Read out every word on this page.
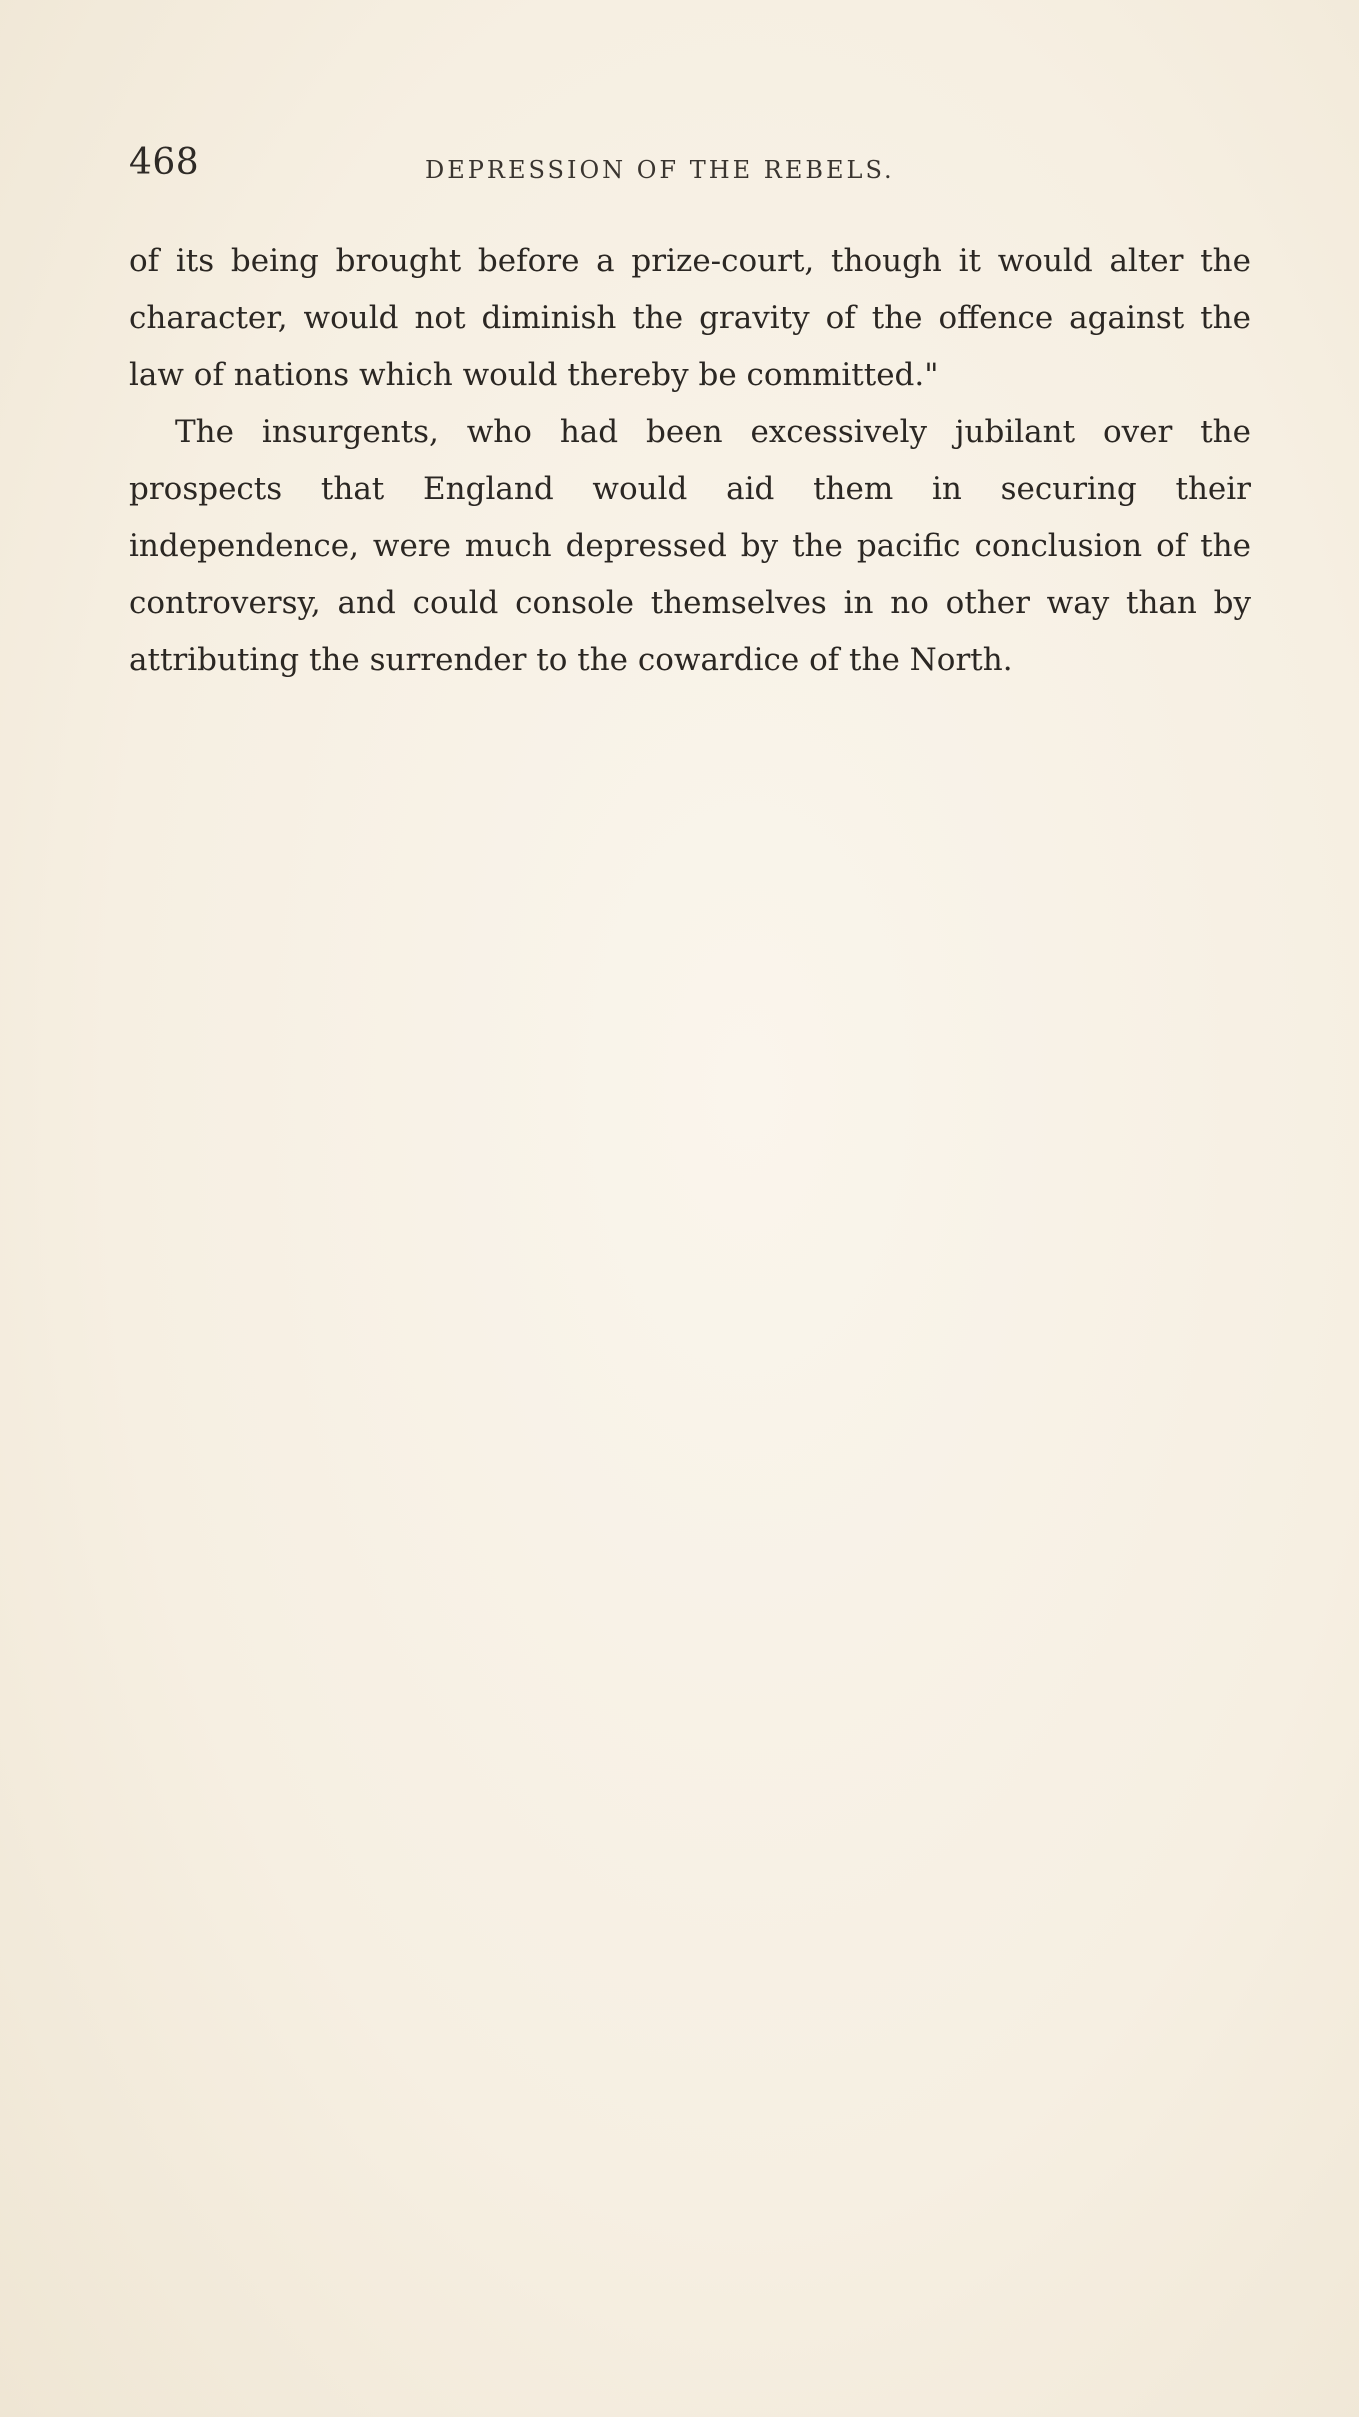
468	DEPRESSION OF THE REBELS.

of its being brought before a prize-court, though it would alter the character, would not diminish the gravity of the offence against the law of nations which would thereby be committed."

The insurgents, who had been excessively jubilant over the prospects that England would aid them in securing their independence, were much depressed by the pacific conclusion of the controversy, and could console themselves in no other way than by attributing the surrender to the cowardice of the North.
